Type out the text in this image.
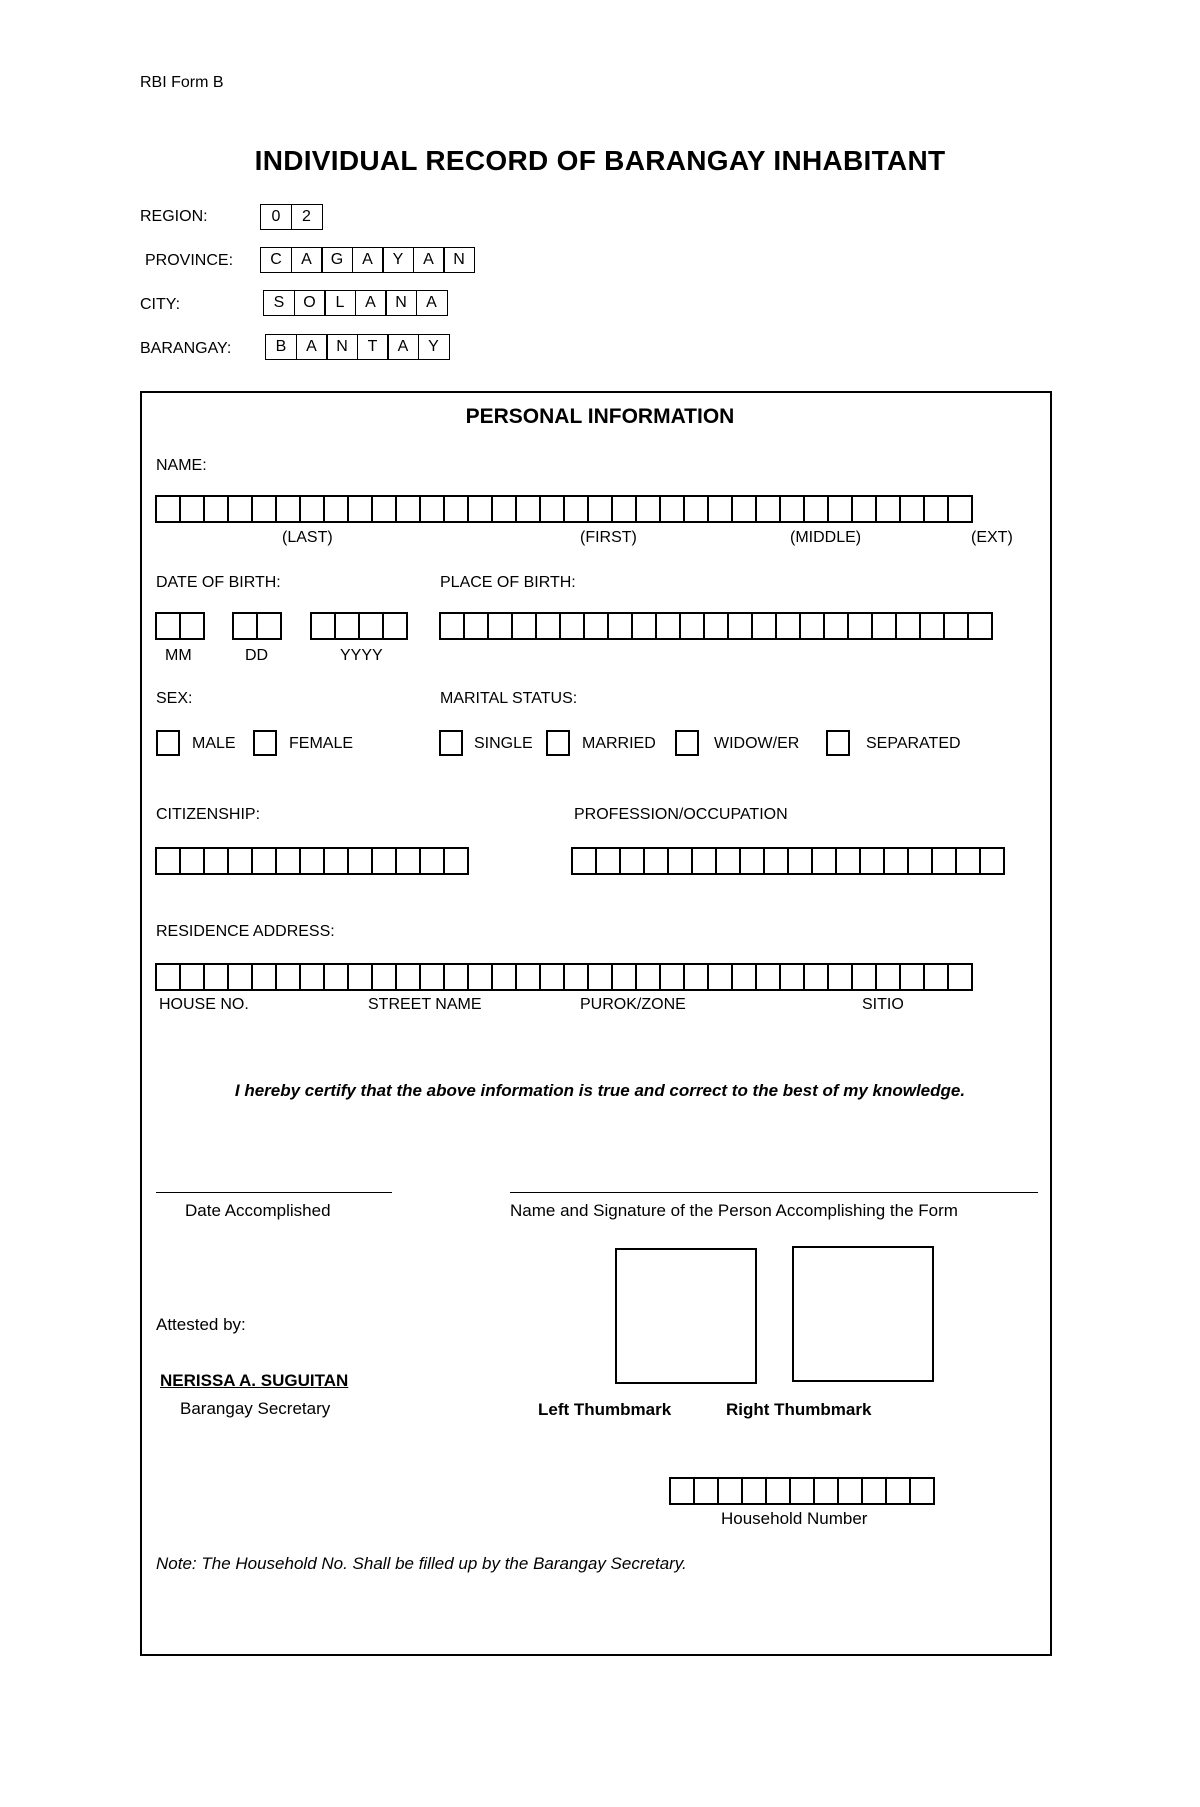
RBI Form B
INDIVIDUAL RECORD OF BARANGAY INHABITANT
REGION:	0	2
PROVINCE:	C	A	G	A	Y	A	N
CITY:	S	O	L	A	N	A
BARANGAY:	B	A	N	T	A	Y
PERSONAL INFORMATION
NAME:
(LAST)	(FIRST)	(MIDDLE)	(EXT)
DATE OF BIRTH:	PLACE OF BIRTH:
MM	DD	YYYY
SEX:	MARITAL STATUS:
MALE	FEMALE	SINGLE	MARRIED	WIDOW/ER	SEPARATED
CITIZENSHIP:	PROFESSION/OCCUPATION
RESIDENCE ADDRESS:
HOUSE NO.	STREET NAME	PUROK/ZONE	SITIO
I hereby certify that the above information is true and correct to the best of my knowledge.
Date Accomplished	Name and Signature of the Person Accomplishing the Form
Attested by:
NERISSA A. SUGUITAN
Barangay Secretary	Left Thumbmark	Right Thumbmark
Household Number
Note: The Household No. Shall be filled up by the Barangay Secretary.
